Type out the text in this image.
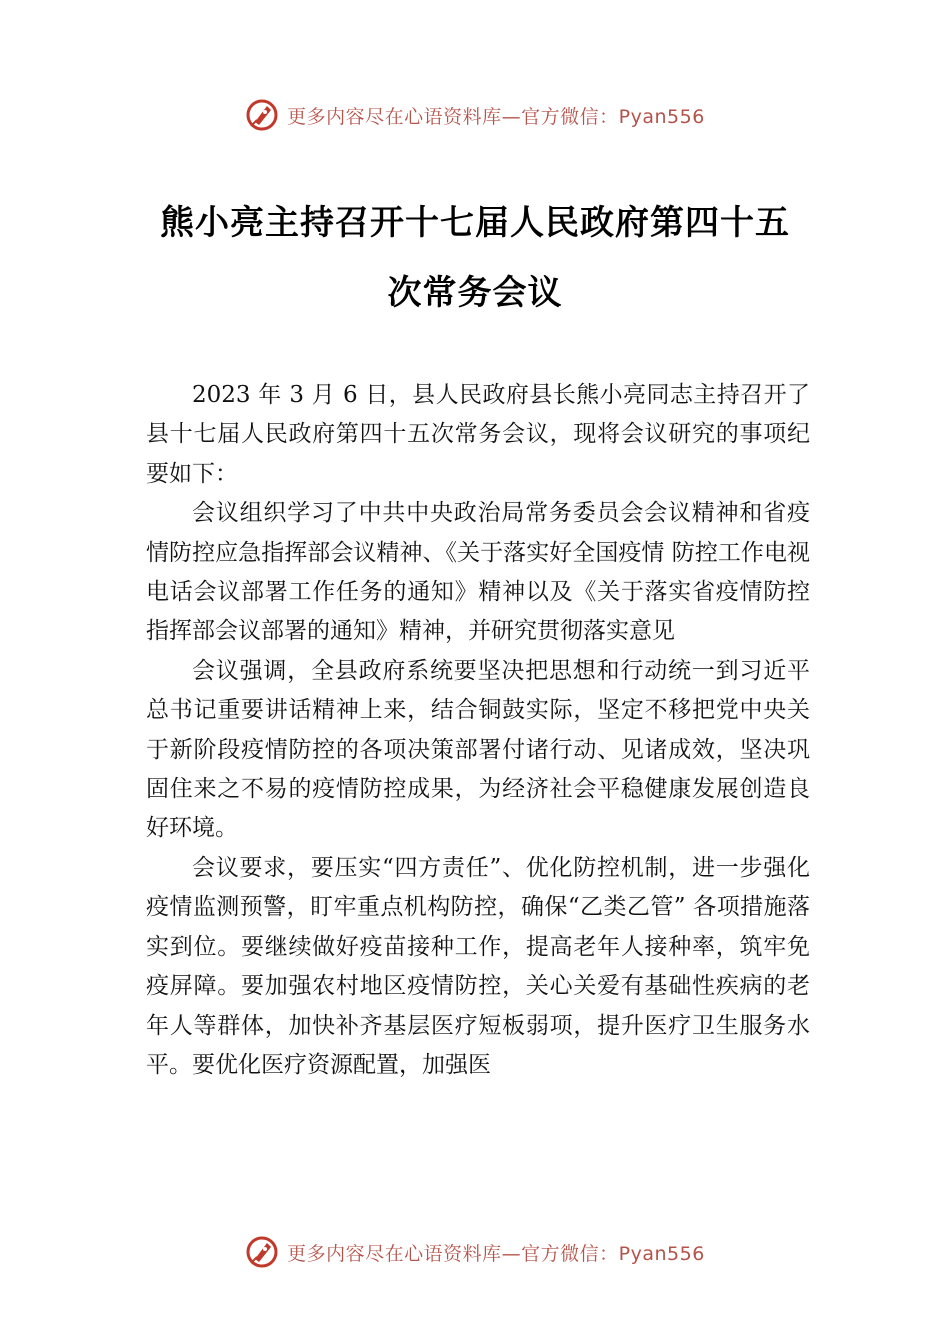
更多内容尽在心语资料库—官方微信：Pyan556
熊小亮主持召开十七届人民政府第四十五
次常务会议

2023 年 3 月 6 日，县人民政府县长熊小亮同志主持召开了县十七届人民政府第四十五次常务会议，现将会议研究的事项纪要如下：

会议组织学习了中共中央政治局常务委员会会议精神和省疫情防控应急指挥部会议精神、《关于落实好全国疫情 防控工作电视电话会议部署工作任务的通知》精神以及《关于落实省疫情防控指挥部会议部署的通知》精神，并研究贯彻落实意见

会议强调，全县政府系统要坚决把思想和行动统一到习近平总书记重要讲话精神上来，结合铜鼓实际，坚定不移把党中央关于新阶段疫情防控的各项决策部署付诸行动、见诸成效，坚决巩固住来之不易的疫情防控成果，为经济社会平稳健康发展创造良好环境。

会议要求，要压实“四方责任”、优化防控机制，进一步强化疫情监测预警，盯牢重点机构防控，确保“乙类乙管” 各项措施落实到位。要继续做好疫苗接种工作，提高老年人接种率，筑牢免疫屏障。要加强农村地区疫情防控，关心关爱有基础性疾病的老年人等群体，加快补齐基层医疗短板弱项，提升医疗卫生服务水平。要优化医疗资源配置，加强医

更多内容尽在心语资料库—官方微信：Pyan556
